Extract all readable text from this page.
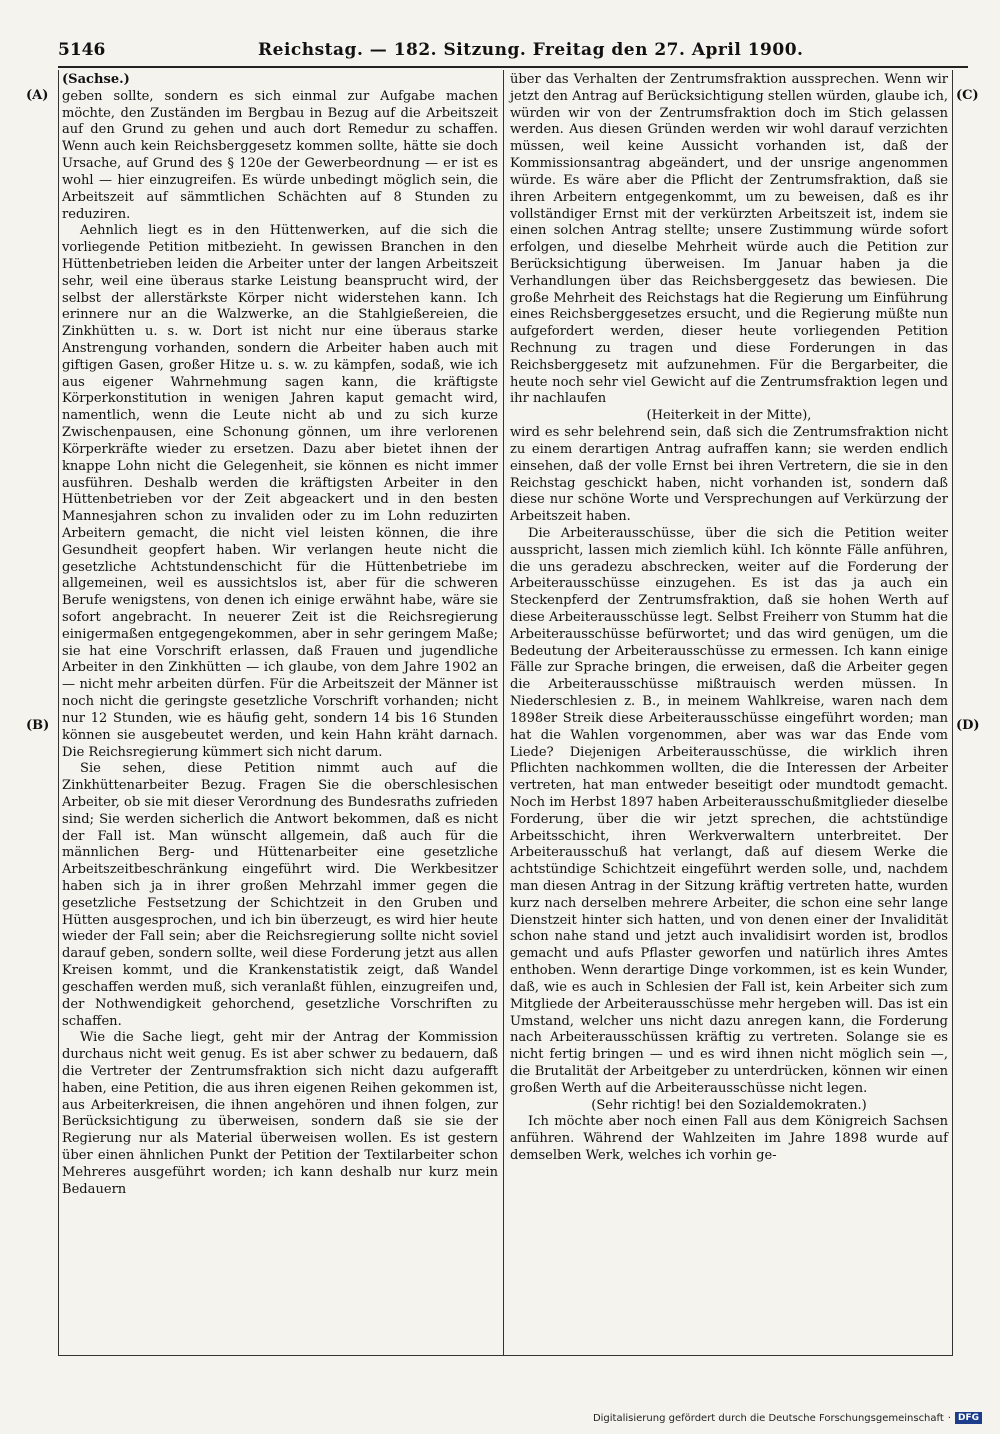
5146	Reichstag. — 182. Sitzung. Freitag den 27. April 1900.
(A)
(B)
(C)
(D)

(Sachse.)

geben sollte, sondern es sich einmal zur Aufgabe machen möchte, den Zuständen im Bergbau in Bezug auf die Arbeitszeit auf den Grund zu gehen und auch dort Remedur zu schaffen. Wenn auch kein Reichsberggesetz kommen sollte, hätte sie doch Ursache, auf Grund des § 120e der Gewerbeordnung — er ist es wohl — hier einzugreifen. Es würde unbedingt möglich sein, die Arbeitszeit auf sämmtlichen Schächten auf 8 Stunden zu reduziren.

Aehnlich liegt es in den Hüttenwerken, auf die sich die vorliegende Petition mitbezieht. In gewissen Branchen in den Hüttenbetrieben leiden die Arbeiter unter der langen Arbeitszeit sehr, weil eine überaus starke Leistung beansprucht wird, der selbst der allerstärkste Körper nicht widerstehen kann. Ich erinnere nur an die Walzwerke, an die Stahlgießereien, die Zinkhütten u. s. w. Dort ist nicht nur eine überaus starke Anstrengung vorhanden, sondern die Arbeiter haben auch mit giftigen Gasen, großer Hitze u. s. w. zu kämpfen, sodaß, wie ich aus eigener Wahrnehmung sagen kann, die kräftigste Körperkonstitution in wenigen Jahren kaput gemacht wird, namentlich, wenn die Leute nicht ab und zu sich kurze Zwischenpausen, eine Schonung gönnen, um ihre verlorenen Körperkräfte wieder zu ersetzen. Dazu aber bietet ihnen der knappe Lohn nicht die Gelegenheit, sie können es nicht immer ausführen. Deshalb werden die kräftigsten Arbeiter in den Hüttenbetrieben vor der Zeit abgeackert und in den besten Mannesjahren schon zu invaliden oder zu im Lohn reduzirten Arbeitern gemacht, die nicht viel leisten können, die ihre Gesundheit geopfert haben. Wir verlangen heute nicht die gesetzliche Achtstundenschicht für die Hüttenbetriebe im allgemeinen, weil es aussichtslos ist, aber für die schweren Berufe wenigstens, von denen ich einige erwähnt habe, wäre sie sofort angebracht. In neuerer Zeit ist die Reichsregierung einigermaßen entgegengekommen, aber in sehr geringem Maße; sie hat eine Vorschrift erlassen, daß Frauen und jugendliche Arbeiter in den Zinkhütten — ich glaube, von dem Jahre 1902 an — nicht mehr arbeiten dürfen. Für die Arbeitszeit der Männer ist noch nicht die geringste gesetzliche Vorschrift vorhanden; nicht nur 12 Stunden, wie es häufig geht, sondern 14 bis 16 Stunden können sie ausgebeutet werden, und kein Hahn kräht darnach. Die Reichsregierung kümmert sich nicht darum.

Sie sehen, diese Petition nimmt auch auf die Zinkhüttenarbeiter Bezug. Fragen Sie die oberschlesischen Arbeiter, ob sie mit dieser Verordnung des Bundesraths zufrieden sind; Sie werden sicherlich die Antwort bekommen, daß es nicht der Fall ist. Man wünscht allgemein, daß auch für die männlichen Berg- und Hüttenarbeiter eine gesetzliche Arbeitszeitbeschränkung eingeführt wird. Die Werkbesitzer haben sich ja in ihrer großen Mehrzahl immer gegen die gesetzliche Festsetzung der Schichtzeit in den Gruben und Hütten ausgesprochen, und ich bin überzeugt, es wird hier heute wieder der Fall sein; aber die Reichsregierung sollte nicht soviel darauf geben, sondern sollte, weil diese Forderung jetzt aus allen Kreisen kommt, und die Krankenstatistik zeigt, daß Wandel geschaffen werden muß, sich veranlaßt fühlen, einzugreifen und, der Nothwendigkeit gehorchend, gesetzliche Vorschriften zu schaffen.

Wie die Sache liegt, geht mir der Antrag der Kommission durchaus nicht weit genug. Es ist aber schwer zu bedauern, daß die Vertreter der Zentrumsfraktion sich nicht dazu aufgerafft haben, eine Petition, die aus ihren eigenen Reihen gekommen ist, aus Arbeiterkreisen, die ihnen angehören und ihnen folgen, zur Berücksichtigung zu überweisen, sondern daß sie sie der Regierung nur als Material überweisen wollen. Es ist gestern über einen ähnlichen Punkt der Petition der Textilarbeiter schon Mehreres ausgeführt worden; ich kann deshalb nur kurz mein Bedauern

über das Verhalten der Zentrumsfraktion aussprechen. Wenn wir jetzt den Antrag auf Berücksichtigung stellen würden, glaube ich, würden wir von der Zentrumsfraktion doch im Stich gelassen werden. Aus diesen Gründen werden wir wohl darauf verzichten müssen, weil keine Aussicht vorhanden ist, daß der Kommissionsantrag abgeändert, und der unsrige angenommen würde. Es wäre aber die Pflicht der Zentrumsfraktion, daß sie ihren Arbeitern entgegenkommt, um zu beweisen, daß es ihr vollständiger Ernst mit der verkürzten Arbeitszeit ist, indem sie einen solchen Antrag stellte; unsere Zustimmung würde sofort erfolgen, und dieselbe Mehrheit würde auch die Petition zur Berücksichtigung überweisen. Im Januar haben ja die Verhandlungen über das Reichsberggesetz das bewiesen. Die große Mehrheit des Reichstags hat die Regierung um Einführung eines Reichsberggesetzes ersucht, und die Regierung müßte nun aufgefordert werden, dieser heute vorliegenden Petition Rechnung zu tragen und diese Forderungen in das Reichsberggesetz mit aufzunehmen. Für die Bergarbeiter, die heute noch sehr viel Gewicht auf die Zentrumsfraktion legen und ihr nachlaufen

(Heiterkeit in der Mitte),

wird es sehr belehrend sein, daß sich die Zentrumsfraktion nicht zu einem derartigen Antrag aufraffen kann; sie werden endlich einsehen, daß der volle Ernst bei ihren Vertretern, die sie in den Reichstag geschickt haben, nicht vorhanden ist, sondern daß diese nur schöne Worte und Versprechungen auf Verkürzung der Arbeitszeit haben.

Die Arbeiterausschüsse, über die sich die Petition weiter ausspricht, lassen mich ziemlich kühl. Ich könnte Fälle anführen, die uns geradezu abschrecken, weiter auf die Forderung der Arbeiterausschüsse einzugehen. Es ist das ja auch ein Steckenpferd der Zentrumsfraktion, daß sie hohen Werth auf diese Arbeiterausschüsse legt. Selbst Freiherr von Stumm hat die Arbeiterausschüsse befürwortet; und das wird genügen, um die Bedeutung der Arbeiterausschüsse zu ermessen. Ich kann einige Fälle zur Sprache bringen, die erweisen, daß die Arbeiter gegen die Arbeiterausschüsse mißtrauisch werden müssen. In Niederschlesien z. B., in meinem Wahlkreise, waren nach dem 1898er Streik diese Arbeiterausschüsse eingeführt worden; man hat die Wahlen vorgenommen, aber was war das Ende vom Liede? Diejenigen Arbeiterausschüsse, die wirklich ihren Pflichten nachkommen wollten, die die Interessen der Arbeiter vertreten, hat man entweder beseitigt oder mundtodt gemacht. Noch im Herbst 1897 haben Arbeiterausschußmitglieder dieselbe Forderung, über die wir jetzt sprechen, die achtstündige Arbeitsschicht, ihren Werkverwaltern unterbreitet. Der Arbeiterausschuß hat verlangt, daß auf diesem Werke die achtstündige Schichtzeit eingeführt werden solle, und, nachdem man diesen Antrag in der Sitzung kräftig vertreten hatte, wurden kurz nach derselben mehrere Arbeiter, die schon eine sehr lange Dienstzeit hinter sich hatten, und von denen einer der Invalidität schon nahe stand und jetzt auch invalidisirt worden ist, brodlos gemacht und aufs Pflaster geworfen und natürlich ihres Amtes enthoben. Wenn derartige Dinge vorkommen, ist es kein Wunder, daß, wie es auch in Schlesien der Fall ist, kein Arbeiter sich zum Mitgliede der Arbeiterausschüsse mehr hergeben will. Das ist ein Umstand, welcher uns nicht dazu anregen kann, die Forderung nach Arbeiterausschüssen kräftig zu vertreten. Solange sie es nicht fertig bringen — und es wird ihnen nicht möglich sein —, die Brutalität der Arbeitgeber zu unterdrücken, können wir einen großen Werth auf die Arbeiterausschüsse nicht legen.

(Sehr richtig! bei den Sozialdemokraten.)

Ich möchte aber noch einen Fall aus dem Königreich Sachsen anführen. Während der Wahlzeiten im Jahre 1898 wurde auf demselben Werk, welches ich vorhin ge-

Digitalisierung gefördert durch die Deutsche Forschungsgemeinschaft · DFG
